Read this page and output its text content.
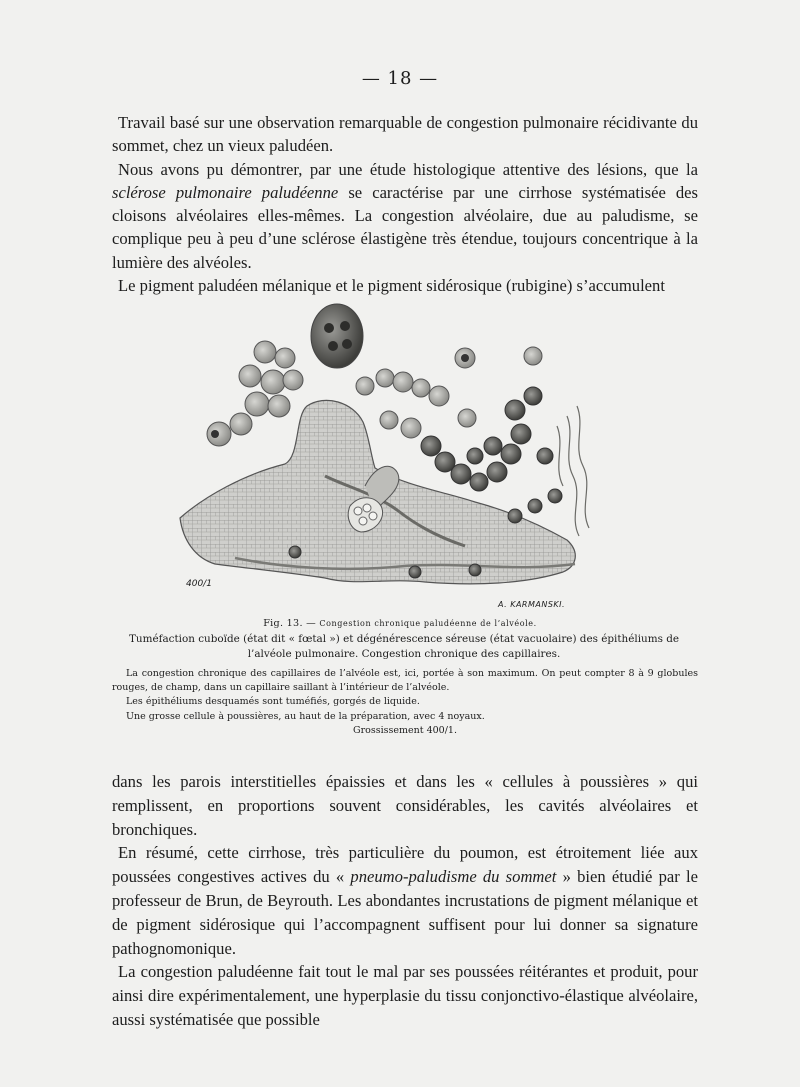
— 18 —

Travail basé sur une observation remarquable de congestion pulmonaire récidivante du sommet, chez un vieux paludéen.

Nous avons pu démontrer, par une étude histologique attentive des lésions, que la sclérose pulmonaire paludéenne se caractérise par une cirrhose systématisée des cloisons alvéolaires elles-mêmes. La congestion alvéolaire, due au paludisme, se complique peu à peu d’une sclérose élastigène très étendue, toujours concentrique à la lumière des alvéoles.

Le pigment paludéen mélanique et le pigment sidérosique (rubigine) s’accumulent

400/1
A. KARMANSKI.
Fig. 13. — Congestion chronique paludéenne de l’alvéole.
Tuméfaction cuboïde (état dit « fœtal ») et dégénérescence séreuse (état vacuolaire) des épithéliums de l’alvéole pulmonaire. Congestion chronique des capillaires.

La congestion chronique des capillaires de l’alvéole est, ici, portée à son maximum. On peut compter 8 à 9 globules rouges, de champ, dans un capillaire saillant à l’intérieur de l’alvéole.

Les épithéliums desquamés sont tuméfiés, gorgés de liquide.

Une grosse cellule à poussières, au haut de la préparation, avec 4 noyaux.

Grossissement 400/1.

dans les parois interstitielles épaissies et dans les « cellules à poussières » qui remplissent, en proportions souvent considérables, les cavités alvéolaires et bronchiques.

En résumé, cette cirrhose, très particulière du poumon, est étroitement liée aux poussées congestives actives du « pneumo-paludisme du sommet » bien étudié par le professeur de Brun, de Beyrouth. Les abondantes incrustations de pigment mélanique et de pigment sidérosique qui l’accompagnent suffisent pour lui donner sa signature pathognomonique.

La congestion paludéenne fait tout le mal par ses poussées réitérantes et produit, pour ainsi dire expérimentalement, une hyperplasie du tissu conjonctivo-élastique alvéolaire, aussi systématisée que possible
